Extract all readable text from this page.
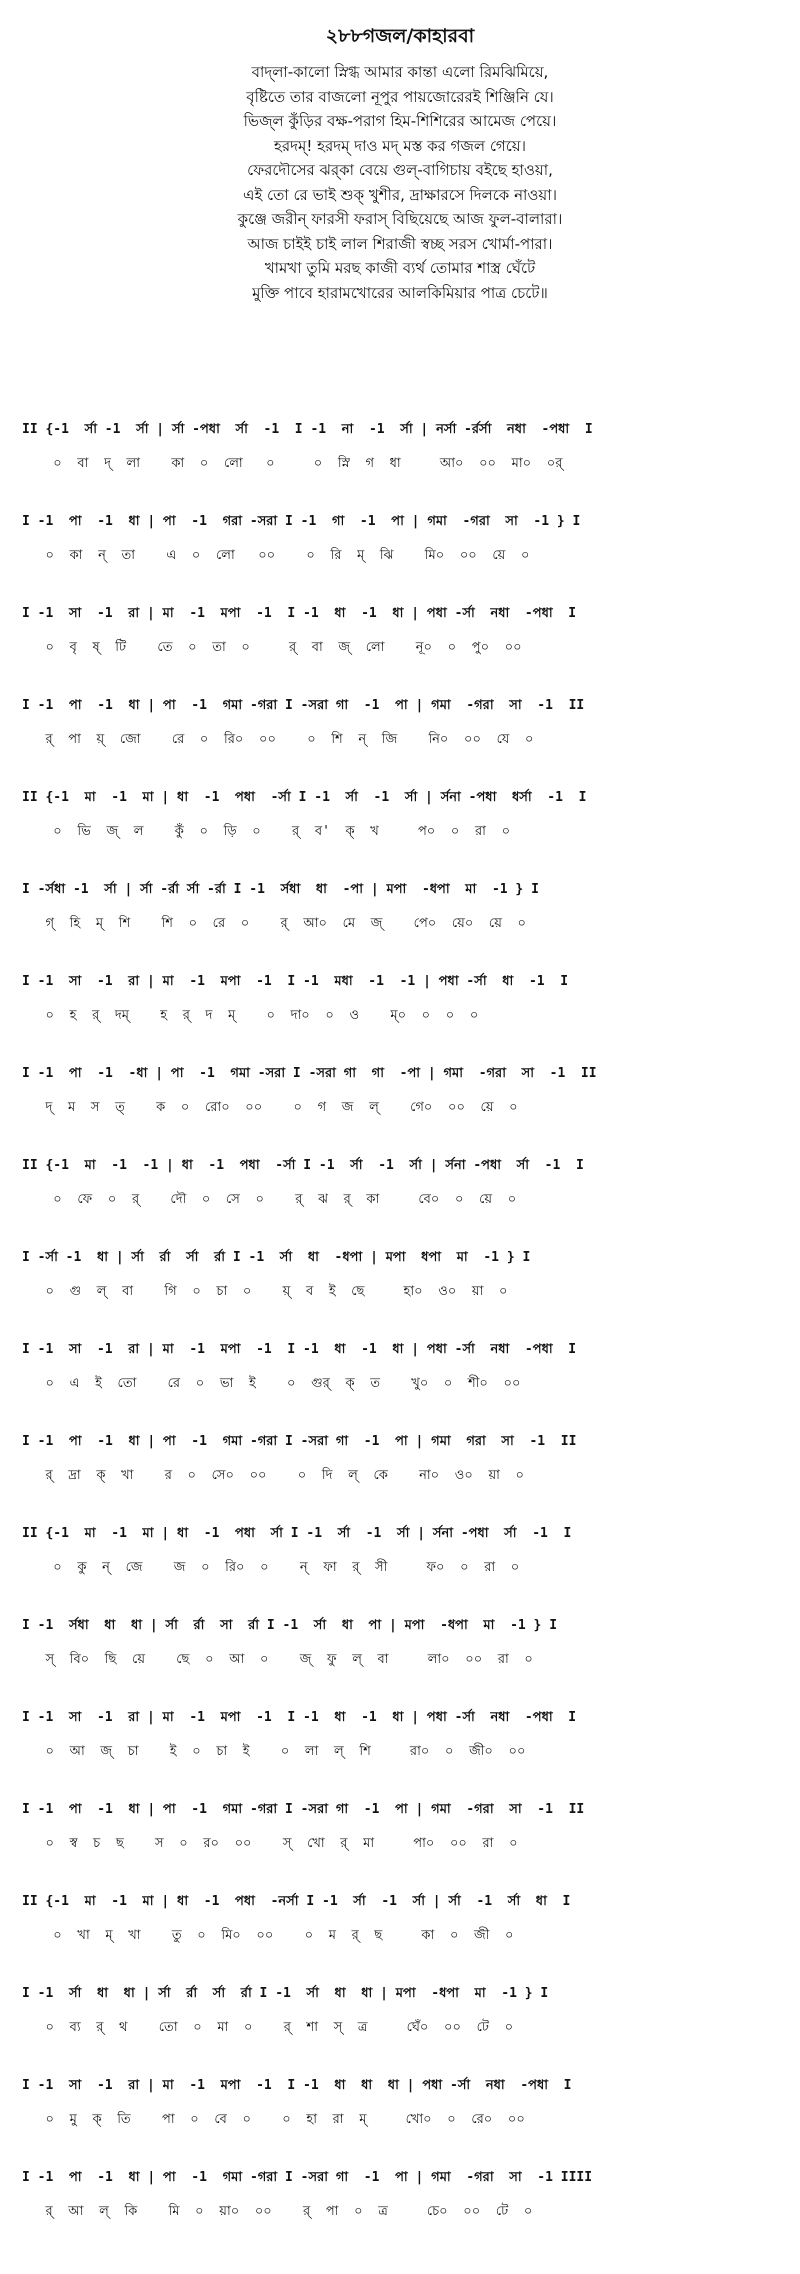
২৮৮গজল/কাহারবা
বাদ্‌লা-কালো স্নিগ্ধ আমার কান্তা এলো রিমঝিমিয়ে,
বৃষ্টিতে তার বাজলো নূপুর পায়জোরেরই শিঞ্জিনি যে।
ভিজ্‌ল কুঁড়ির বক্ষ-পরাগ হিম-শিশিরের আমেজ পেয়ে।
হরদম্‌! হরদম্‌ দাও মদ্‌ মস্ত কর গজল গেয়ে।
ফেরদৌসের ঝর্‌কা বেয়ে গুল্‌-বাগিচায় বইছে হাওয়া,
এই তো রে ভাই শুক্‌ খুশীর, দ্রাক্ষারসে দিলকে নাওয়া।
কুঞ্জে জরীন্‌ ফারসী ফরাস্‌ বিছিয়েছে আজ ফুল-বালারা।
আজ চাইই চাই লাল শিরাজী স্বচ্ছ সরস খোর্মা-পারা।
খামখা তুমি মরছ কাজী ব্যর্থ তোমার শাস্ত্র ঘেঁটে
মুক্তি পাবে হারামখোরের আলকিমিয়ার পাত্র চেটে॥
II {-1  র্সা -1  র্সা | র্সা -পধা  র্সা  -1  I -1  না  -1  র্সা | নর্সা -র্রর্সা  নধা  -পধা  I
০  বা  দ্‌  লা    কা  ০  লো   ০     ০  স্নি  গ  ধা     আ০  ০০  মা০  ০র্‌
I -1  পা  -1  ধা | পা  -1  গরা -সরা I -1  গা  -1  পা | গমা  -গরা  সা  -1 } I
০  কা  ন্‌  তা    এ  ০  লো   ০০    ০  রি  ম্‌  ঝি    মি০  ০০  য়ে  ০
I -1  সা  -1  রা | মা  -1  মপা  -1  I -1  ধা  -1  ধা | পধা -র্সা  নধা  -পধা  I
০  বৃ  ষ্‌  টি    তে  ০  তা  ০     র্‌  বা  জ্‌  লো    নূ০  ০  পু০  ০০
I -1  পা  -1  ধা | পা  -1  গমা -গরা I -সরা গা  -1  পা | গমা  -গরা  সা  -1  II
র্‌  পা  য়্‌  জো    রে  ০  রি০  ০০    ০  শি  ন্‌  জি    নি০  ০০  যে  ০
II {-1  মা  -1  মা | ধা  -1  পধা  -র্সা I -1  র্সা  -1  র্সা | র্সনা -পধা  ধর্সা  -1  I
০  ভি  জ্‌  ল    কুঁ  ০  ড়ি  ০    র্‌  ব'  ক্‌  খ     প০  ০  রা  ০
I -র্সধা -1  র্সা | র্সা -র্রা র্সা -র্রা I -1  র্সধা  ধা  -পা | মপা  -ধপা  মা  -1 } I
গ্‌  হি  ম্‌  শি    শি  ০  রে  ০    র্‌  আ০  মে  জ্‌    পে০  য়ে০  য়ে  ০
I -1  সা  -1  রা | মা  -1  মপা  -1  I -1  মধা  -1  -1 | পধা -র্সা  ধা  -1  I
০  হ  র্‌  দম্‌    হ  র্‌  দ  ম্‌    ০  দা০  ০  ও    ম্‌০  ০  ০  ০
I -1  পা  -1  -ধা | পা  -1  গমা -সরা I -সরা গা  গা  -পা | গমা  -গরা  সা  -1  II
দ্‌  ম  স  ত্‌    ক  ০  রো০  ০০    ০  গ  জ  ল্‌    গে০  ০০  য়ে  ০
II {-1  মা  -1  -1 | ধা  -1  পধা  -র্সা I -1  র্সা  -1  র্সা | র্সনা -পধা  র্সা  -1  I
০  ফে  ০  র্‌    দৌ  ০  সে  ০    র্‌  ঝ  র্‌  কা     বে০  ০  য়ে  ০
I -র্সা -1  ধা | র্সা  র্রা  র্সা  র্রা I -1  র্সা  ধা  -ধপা | মপা  ধপা  মা  -1 } I
০  গু  ল্‌  বা    গি  ০  চা  ০    য়্‌  ব  ই  ছে     হা০  ও০  য়া  ০
I -1  সা  -1  রা | মা  -1  মপা  -1  I -1  ধা  -1  ধা | পধা -র্সা  নধা  -পধা  I
০  এ  ই  তো    রে  ০  ভা  ই    ০  গুর্‌  ক্‌  ত    খু০  ০  শী০  ০০
I -1  পা  -1  ধা | পা  -1  গমা -গরা I -সরা গা  -1  পা | গমা  গরা  সা  -1  II
র্‌  দ্রা  ক্‌  খা    র  ০  সে০  ০০    ০  দি  ল্‌  কে    না০  ও০  য়া  ০
II {-1  মা  -1  মা | ধা  -1  পধা  র্সা I -1  র্সা  -1  র্সা | র্সনা -পধা  র্সা  -1  I
০  কু  ন্‌  জে    জ  ০  রি০  ০    ন্‌  ফা  র্‌  সী     ফ০  ০  রা  ০
I -1  র্সধা  ধা  ধা | র্সা  র্রা  সা  র্রা I -1  র্সা  ধা  পা | মপা  -ধপা  মা  -1 } I
স্‌  বি০  ছি  য়ে    ছে  ০  আ  ০    জ্‌  ফু  ল্‌  বা     লা০  ০০  রা  ০
I -1  সা  -1  রা | মা  -1  মপা  -1  I -1  ধা  -1  ধা | পধা -র্সা  নধা  -পধা  I
০  আ  জ্‌  চা    ই  ০  চা  ই    ০  লা  ল্‌  শি     রা০  ০  জী০  ০০
I -1  পা  -1  ধা | পা  -1  গমা -গরা I -সরা গা  -1  পা | গমা  -গরা  সা  -1  II
০  স্ব  চ  ছ    স  ০  র০  ০০    স্‌  খো  র্‌  মা     পা০  ০০  রা  ০
II {-1  মা  -1  মা | ধা  -1  পধা  -নর্সা I -1  র্সা  -1  র্সা | র্সা  -1  র্সা  ধা  I
০  খা  ম্‌  খা    তু  ০  মি০  ০০    ০  ম  র্‌  ছ     কা  ০  জী  ০
I -1  র্সা  ধা  ধা | র্সা  র্রা  র্সা  র্রা I -1  র্সা  ধা  ধা | মপা  -ধপা  মা  -1 } I
০  ব্য  র্‌  থ    তো  ০  মা  ০    র্‌  শা  স্‌  ত্র     ঘেঁ০  ০০  টে  ০
I -1  সা  -1  রা | মা  -1  মপা  -1  I -1  ধা  ধা  ধা | পধা -র্সা  নধা  -পধা  I
০  মু  ক্‌  তি    পা  ০  বে  ০    ০  হা  রা  ম্‌     খো০  ০  রে০  ০০
I -1  পা  -1  ধা | পা  -1  গমা -গরা I -সরা গা  -1  পা | গমা  -গরা  সা  -1 IIII
র্‌  আ  ল্‌  কি    মি  ০  য়া০  ০০    র্‌  পা  ০  ত্র     চে০  ০০  টে  ০
